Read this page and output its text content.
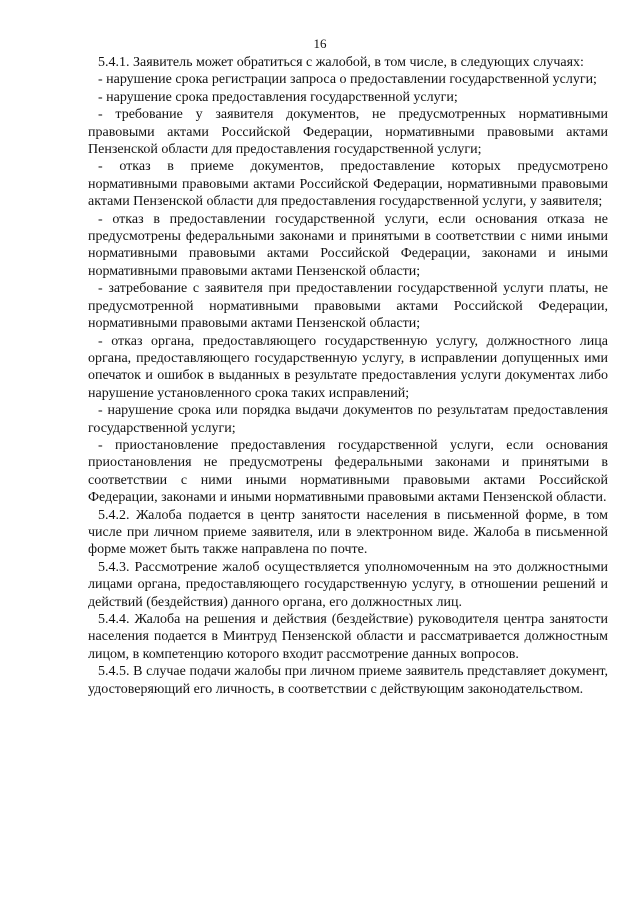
16

5.4.1. Заявитель может обратиться с жалобой, в том числе, в следующих случаях:

- нарушение срока регистрации запроса о предоставлении государственной услуги;

- нарушение срока предоставления государственной услуги;

- требование у заявителя документов, не предусмотренных нормативными правовыми актами Российской Федерации, нормативными правовыми актами Пензенской области для предоставления государственной услуги;

- отказ в приеме документов, предоставление которых предусмотрено нормативными правовыми актами Российской Федерации, нормативными правовыми актами Пензенской области для предоставления государственной услуги, у заявителя;

- отказ в предоставлении государственной услуги, если основания отказа не предусмотрены федеральными законами и принятыми в соответствии с ними иными нормативными правовыми актами Российской Федерации, законами и иными нормативными правовыми актами Пензенской области;

- затребование с заявителя при предоставлении государственной услуги платы, не предусмотренной нормативными правовыми актами Российской Федерации, нормативными правовыми актами Пензенской области;

- отказ органа, предоставляющего государственную услугу, должностного лица органа, предоставляющего государственную услугу, в исправлении допущенных ими опечаток и ошибок в выданных в результате предоставления услуги документах либо нарушение установленного срока таких исправлений;

- нарушение срока или порядка выдачи документов по результатам предоставления государственной услуги;

- приостановление предоставления государственной услуги, если основания приостановления не предусмотрены федеральными законами и принятыми в соответствии с ними иными нормативными правовыми актами Российской Федерации, законами и иными нормативными правовыми актами Пензенской области.

5.4.2. Жалоба подается в центр занятости населения в письменной форме, в том числе при личном приеме заявителя, или в электронном виде. Жалоба в письменной форме может быть также направлена по почте.

5.4.3. Рассмотрение жалоб осуществляется уполномоченным на это должностными лицами органа, предоставляющего государственную услугу, в отношении решений и действий (бездействия) данного органа, его должностных лиц.

5.4.4. Жалоба на решения и действия (бездействие) руководителя центра занятости населения подается в Минтруд Пензенской области и рассматривается должностным лицом, в компетенцию которого входит рассмотрение данных вопросов.

5.4.5. В случае подачи жалобы при личном приеме заявитель представляет документ, удостоверяющий его личность, в соответствии с действующим законодательством.
